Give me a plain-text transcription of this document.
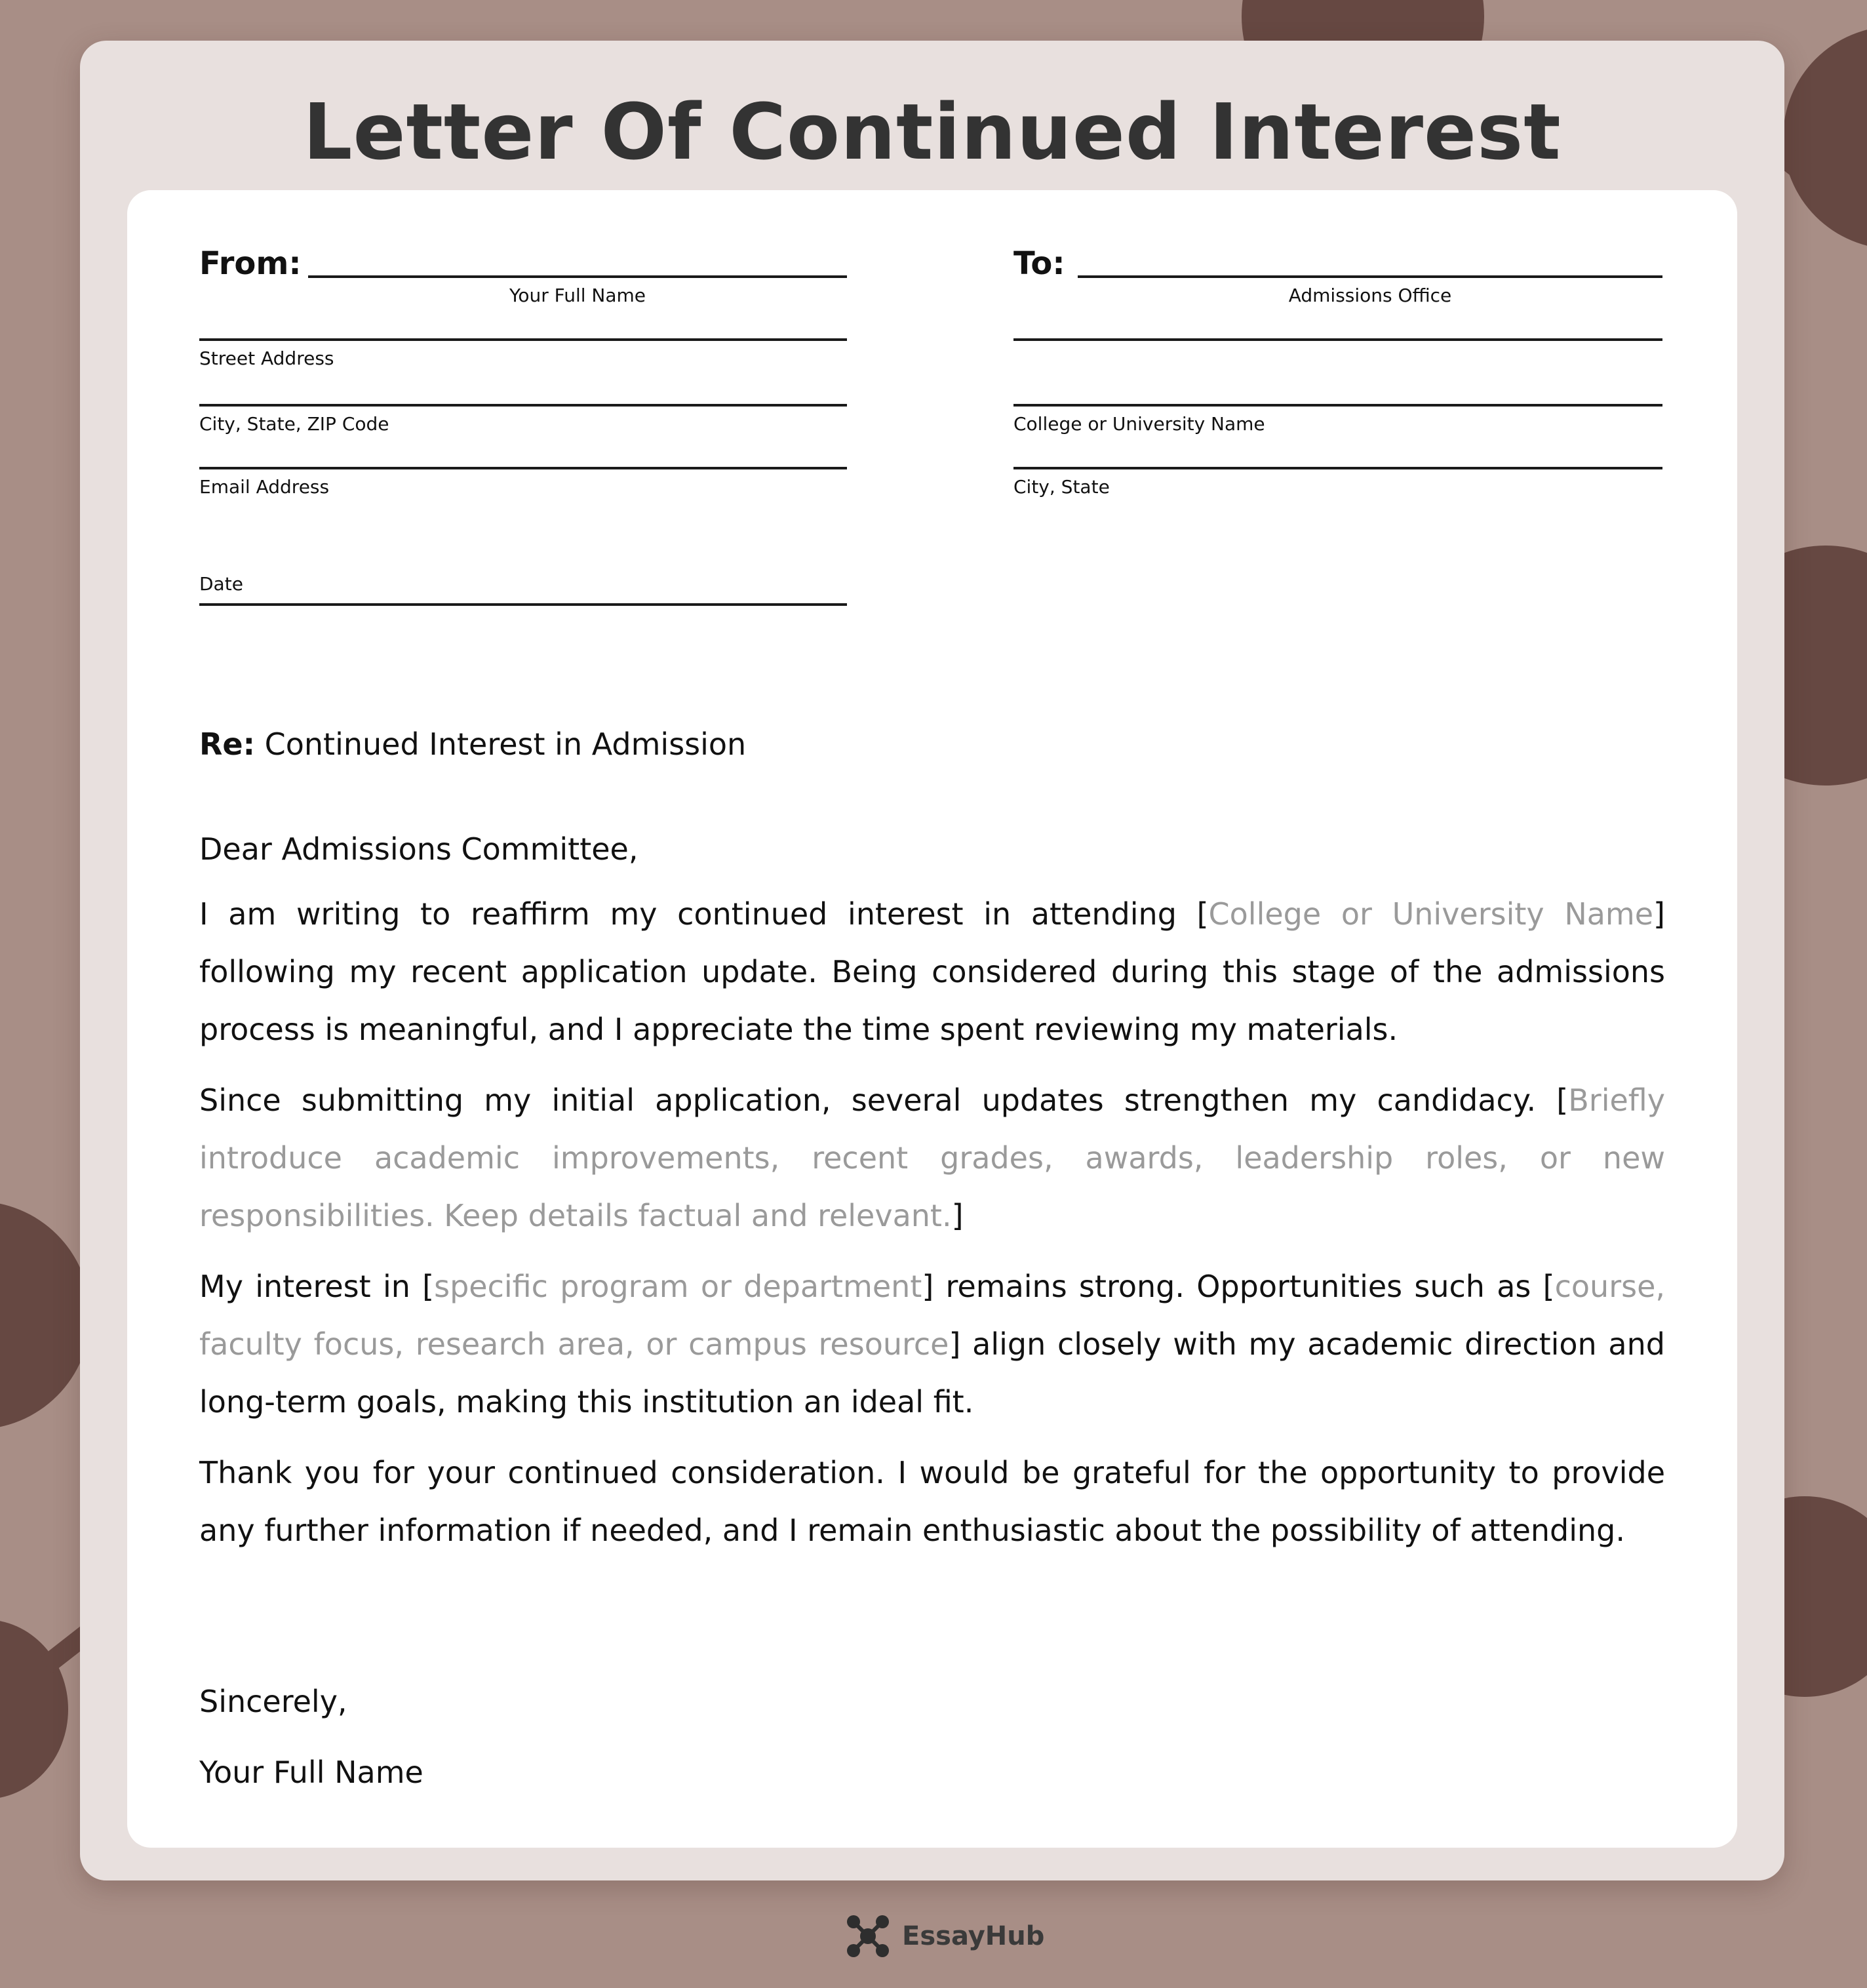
Letter Of Continued Interest
From:
Your Full Name
Street Address
City, State, ZIP Code
Email Address
Date
To:
Admissions Office
College or University Name
City, State
Re: Continued Interest in Admission
Dear Admissions Committee,
I am writing to reaffirm my continued interest in attending [College or University Name] following my recent application update. Being considered during this stage of the admissions process is meaningful, and I appreciate the time spent reviewing my materials.
Since submitting my initial application, several updates strengthen my candidacy. [Briefly introduce academic improvements, recent grades, awards, leadership roles, or new responsibilities. Keep details factual and relevant.]
My interest in [specific program or department] remains strong. Opportunities such as [course, faculty focus, research area, or campus resource] align closely with my academic direction and long-term goals, making this institution an ideal fit.
Thank you for your continued consideration. I would be grateful for the opportunity to provide any further information if needed, and I remain enthusiastic about the possibility of attending.
Sincerely,
Your Full Name
EssayHub
